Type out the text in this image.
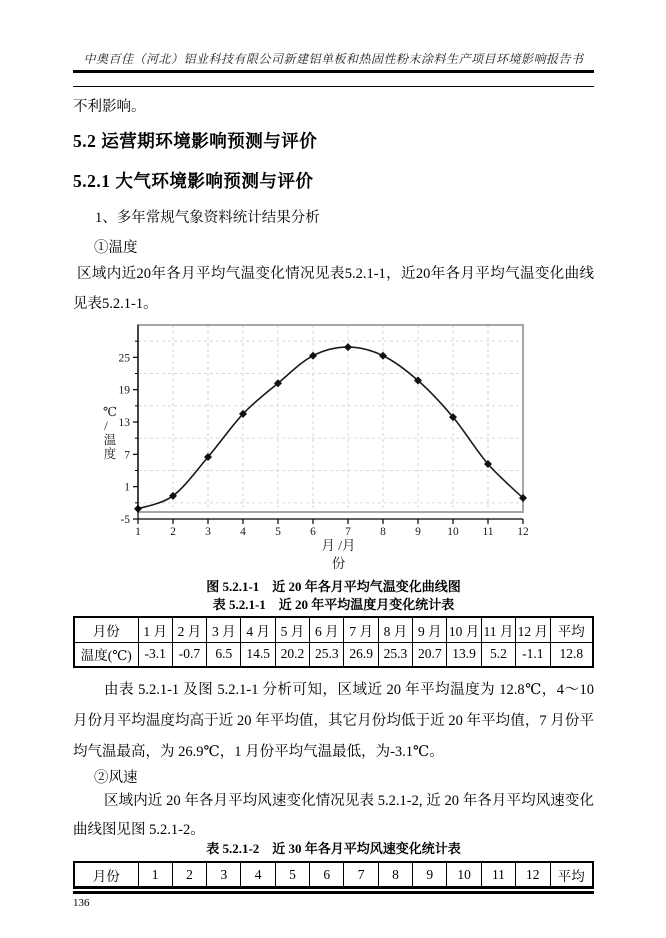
中奥百佳（河北）铝业科技有限公司新建铝单板和热固性粉末涂料生产项目环境影响报告书
不利影响。
5.2 运营期环境影响预测与评价
5.2.1 大气环境影响预测与评价
1、多年常规气象资料统计结果分析
①温度
区域内近20年各月平均气温变化情况见表5.2.1-1，近20年各月平均气温变化曲线见表5.2.1-1。
-5
1
7
13
19
25
1	2	3	4	5	6	7	8	9 10 11 12
℃
/
温
度
月 /月
份
图 5.2.1-1　近 20 年各月平均气温变化曲线图
表 5.2.1-1　近 20 年平均温度月变化统计表
月份	1 月	2 月	3 月	4 月	5 月	6 月	7 月	8 月	9 月	10 月	11 月	12 月	平均
温度(℃)	-3.1	-0.7	6.5	14.5	20.2	25.3	26.9	25.3	20.7	13.9	5.2	-1.1	12.8
由表 5.2.1-1 及图 5.2.1-1 分析可知，区域近 20 年平均温度为 12.8℃，4～10 月份月平均温度均高于近 20 年平均值，其它月份均低于近 20 年平均值，7 月份平均气温最高，为 26.9℃，1 月份平均气温最低，为-3.1℃。
②风速
区域内近 20 年各月平均风速变化情况见表 5.2.1-2, 近 20 年各月平均风速变化曲线图见图 5.2.1-2。
表 5.2.1-2　近 30 年各月平均风速变化统计表
月份	1	2	3	4	5	6	7	8	9	10	11	12	平均
136
